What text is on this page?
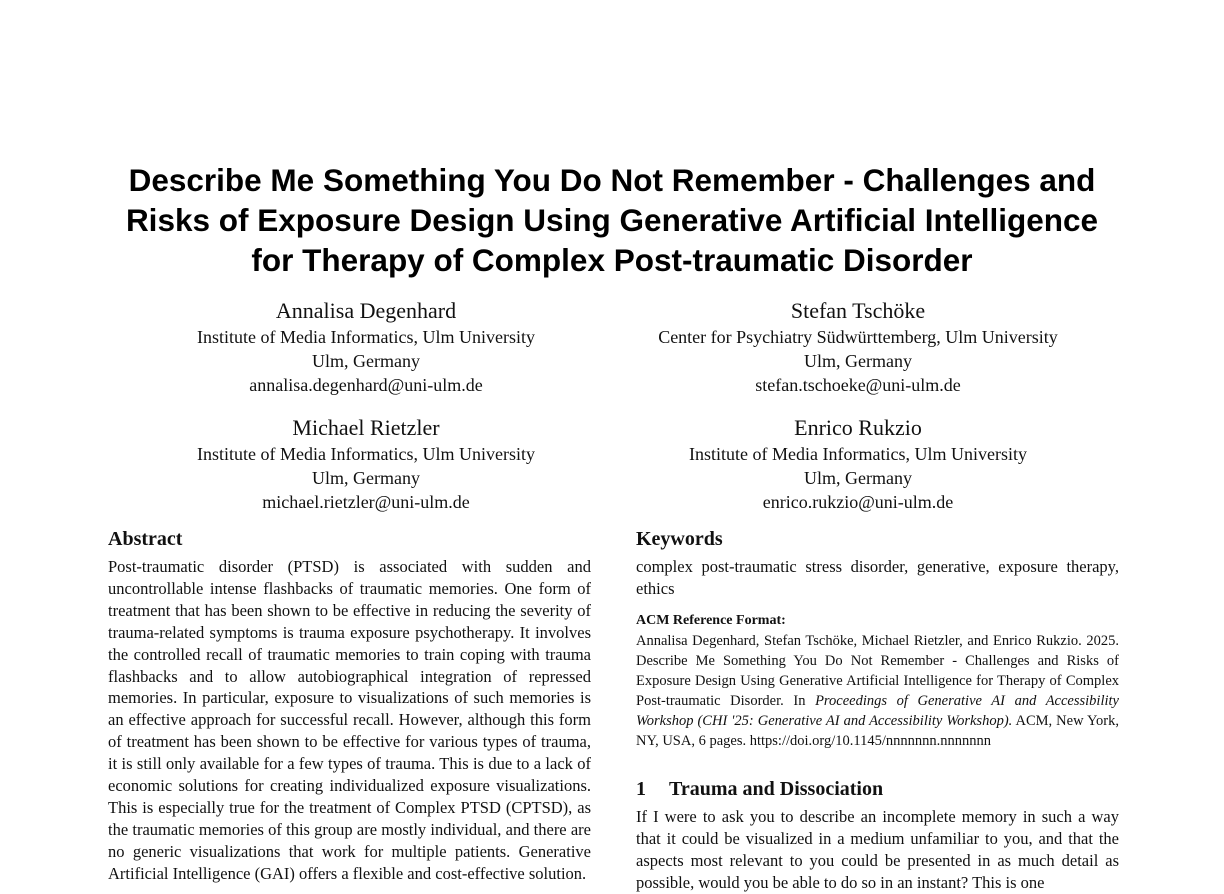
Describe Me Something You Do Not Remember - Challenges and
Risks of Exposure Design Using Generative Artificial Intelligence
for Therapy of Complex Post-traumatic Disorder
Annalisa Degenhard
Institute of Media Informatics, Ulm University
Ulm, Germany
annalisa.degenhard@uni-ulm.de
Stefan Tschöke
Center for Psychiatry Südwürttemberg, Ulm University
Ulm, Germany
stefan.tschoeke@uni-ulm.de
Michael Rietzler
Institute of Media Informatics, Ulm University
Ulm, Germany
michael.rietzler@uni-ulm.de
Enrico Rukzio
Institute of Media Informatics, Ulm University
Ulm, Germany
enrico.rukzio@uni-ulm.de
Abstract

Post-traumatic disorder (PTSD) is associated with sudden and uncontrollable intense flashbacks of traumatic memories. One form of treatment that has been shown to be effective in reducing the severity of trauma-related symptoms is trauma exposure psychotherapy. It involves the controlled recall of traumatic memories to train coping with trauma flashbacks and to allow autobiographical integration of repressed memories. In particular, exposure to visualizations of such memories is an effective approach for successful recall. However, although this form of treatment has been shown to be effective for various types of trauma, it is still only available for a few types of trauma. This is due to a lack of economic solutions for creating individualized exposure visualizations. This is especially true for the treatment of Complex PTSD (CPTSD), as the traumatic memories of this group are mostly individual, and there are no generic visualizations that work for multiple patients. Generative Artificial Intelligence (GAI) offers a flexible and cost-effective solution.

Keywords

complex post-traumatic stress disorder, generative, exposure therapy, ethics

ACM Reference Format:
Annalisa Degenhard, Stefan Tschöke, Michael Rietzler, and Enrico Rukzio. 2025. Describe Me Something You Do Not Remember - Challenges and Risks of Exposure Design Using Generative Artificial Intelligence for Therapy of Complex Post-traumatic Disorder. In Proceedings of Generative AI and Accessibility Workshop (CHI '25: Generative AI and Accessibility Workshop). ACM, New York, NY, USA, 6 pages. https://doi.org/10.1145/nnnnnnn.nnnnnnn
1 Trauma and Dissociation

If I were to ask you to describe an incomplete memory in such a way that it could be visualized in a medium unfamiliar to you, and that the aspects most relevant to you could be presented in as much detail as possible, would you be able to do so in an instant? This is one
